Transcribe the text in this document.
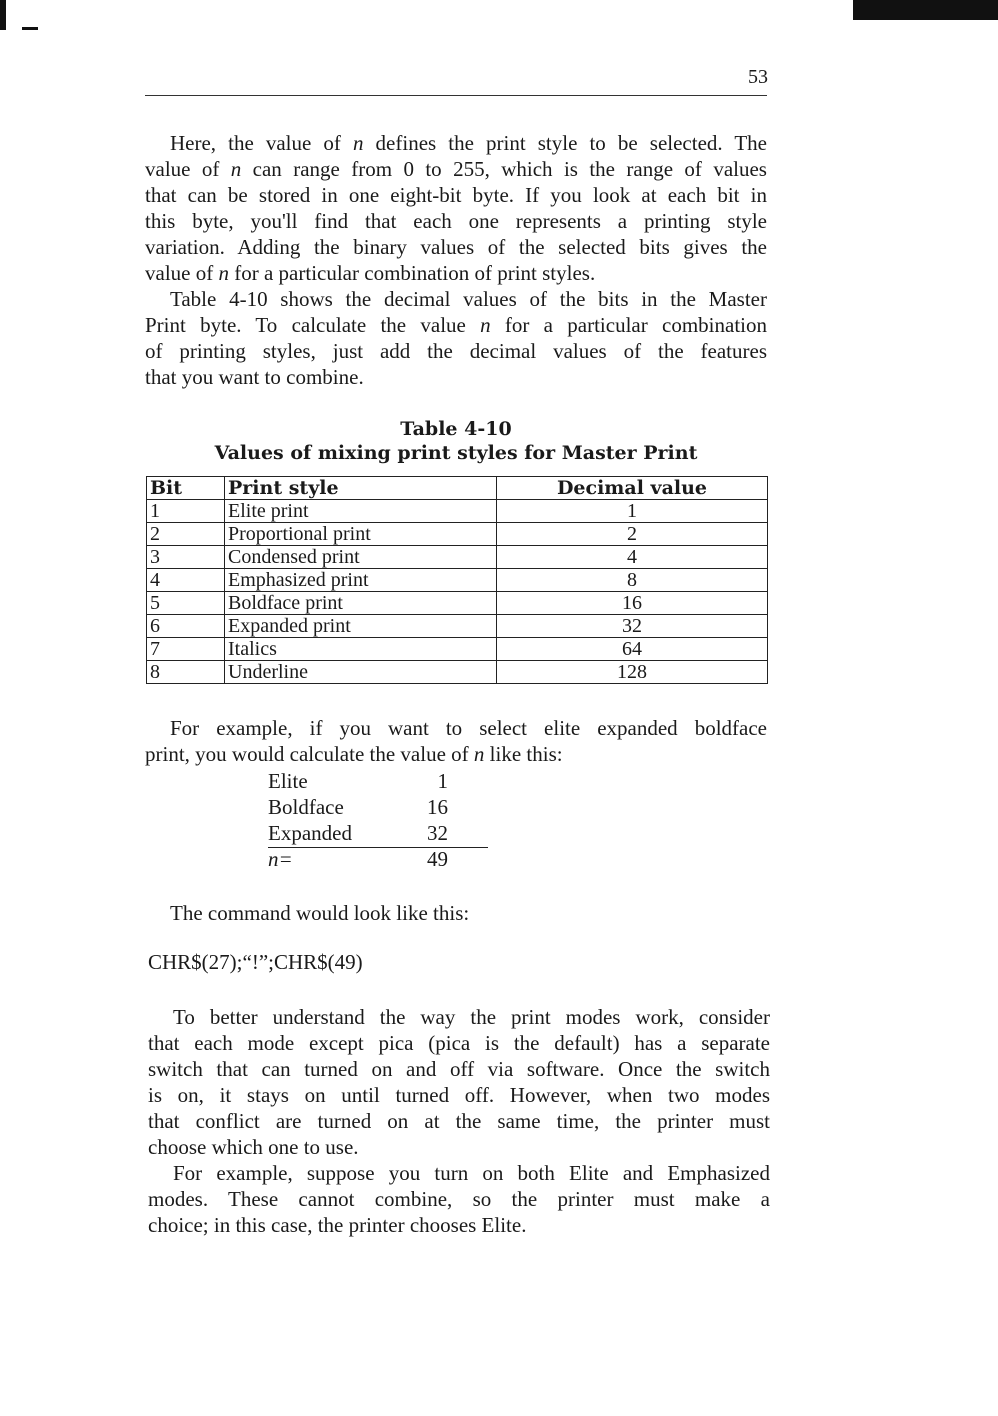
53
Here, the value of n defines the print style to be selected. The
value of n can range from 0 to 255, which is the range of values
that can be stored in one eight-bit byte. If you look at each bit in
this byte, you'll find that each one represents a printing style
variation. Adding the binary values of the selected bits gives the
value of n for a particular combination of print styles.
Table 4-10 shows the decimal values of the bits in the Master
Print byte. To calculate the value n for a particular combination
of printing styles, just add the decimal values of the features
that you want to combine.
Table 4-10
Values of mixing print styles for Master Print
Bit	Print style	Decimal value
1	Elite print	1
2	Proportional print	2
3	Condensed print	4
4	Emphasized print	8
5	Boldface print	16
6	Expanded print	32
7	Italics	64
8	Underline	128
For example, if you want to select elite expanded boldface
print, you would calculate the value of n like this:
Elite	1
Boldface	16
Expanded	32
n=	49
The command would look like this:
CHR$(27);“!”;CHR$(49)
To better understand the way the print modes work, consider
that each mode except pica (pica is the default) has a separate
switch that can turned on and off via software. Once the switch
is on, it stays on until turned off. However, when two modes
that conflict are turned on at the same time, the printer must
choose which one to use.
For example, suppose you turn on both Elite and Emphasized
modes. These cannot combine, so the printer must make a
choice; in this case, the printer chooses Elite.
